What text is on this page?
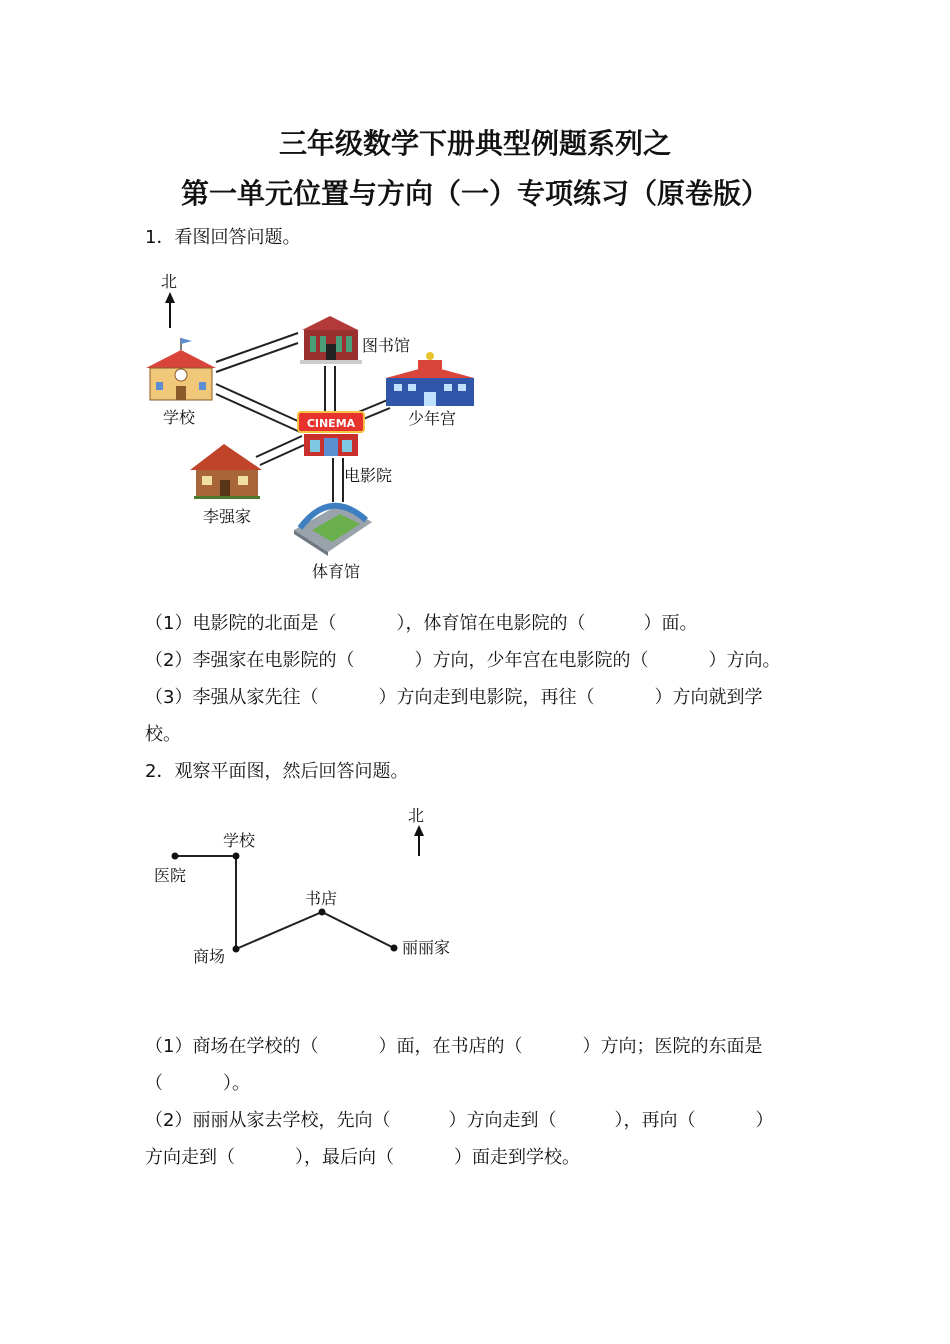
三年级数学下册典型例题系列之
第一单元位置与方向（一）专项练习（原卷版）
1．看图回答问题。
北
学校
图书馆
少年宫
CINEMA
电影院
李强家
体育馆
北
学校
医院
书店
商场	丽丽家
（1）电影院的北面是（	），体育馆在电影院的（	）面。
（2）李强家在电影院的（	）方向，少年宫在电影院的（	）方向。
（3）李强从家先往（	）方向走到电影院，再往（	）方向就到学
校。
2．观察平面图，然后回答问题。
（1）商场在学校的（	）面，在书店的（	）方向；医院的东面是
（	）。
（2）丽丽从家去学校，先向（	）方向走到（	），再向（	）
方向走到（	），最后向（	）面走到学校。
